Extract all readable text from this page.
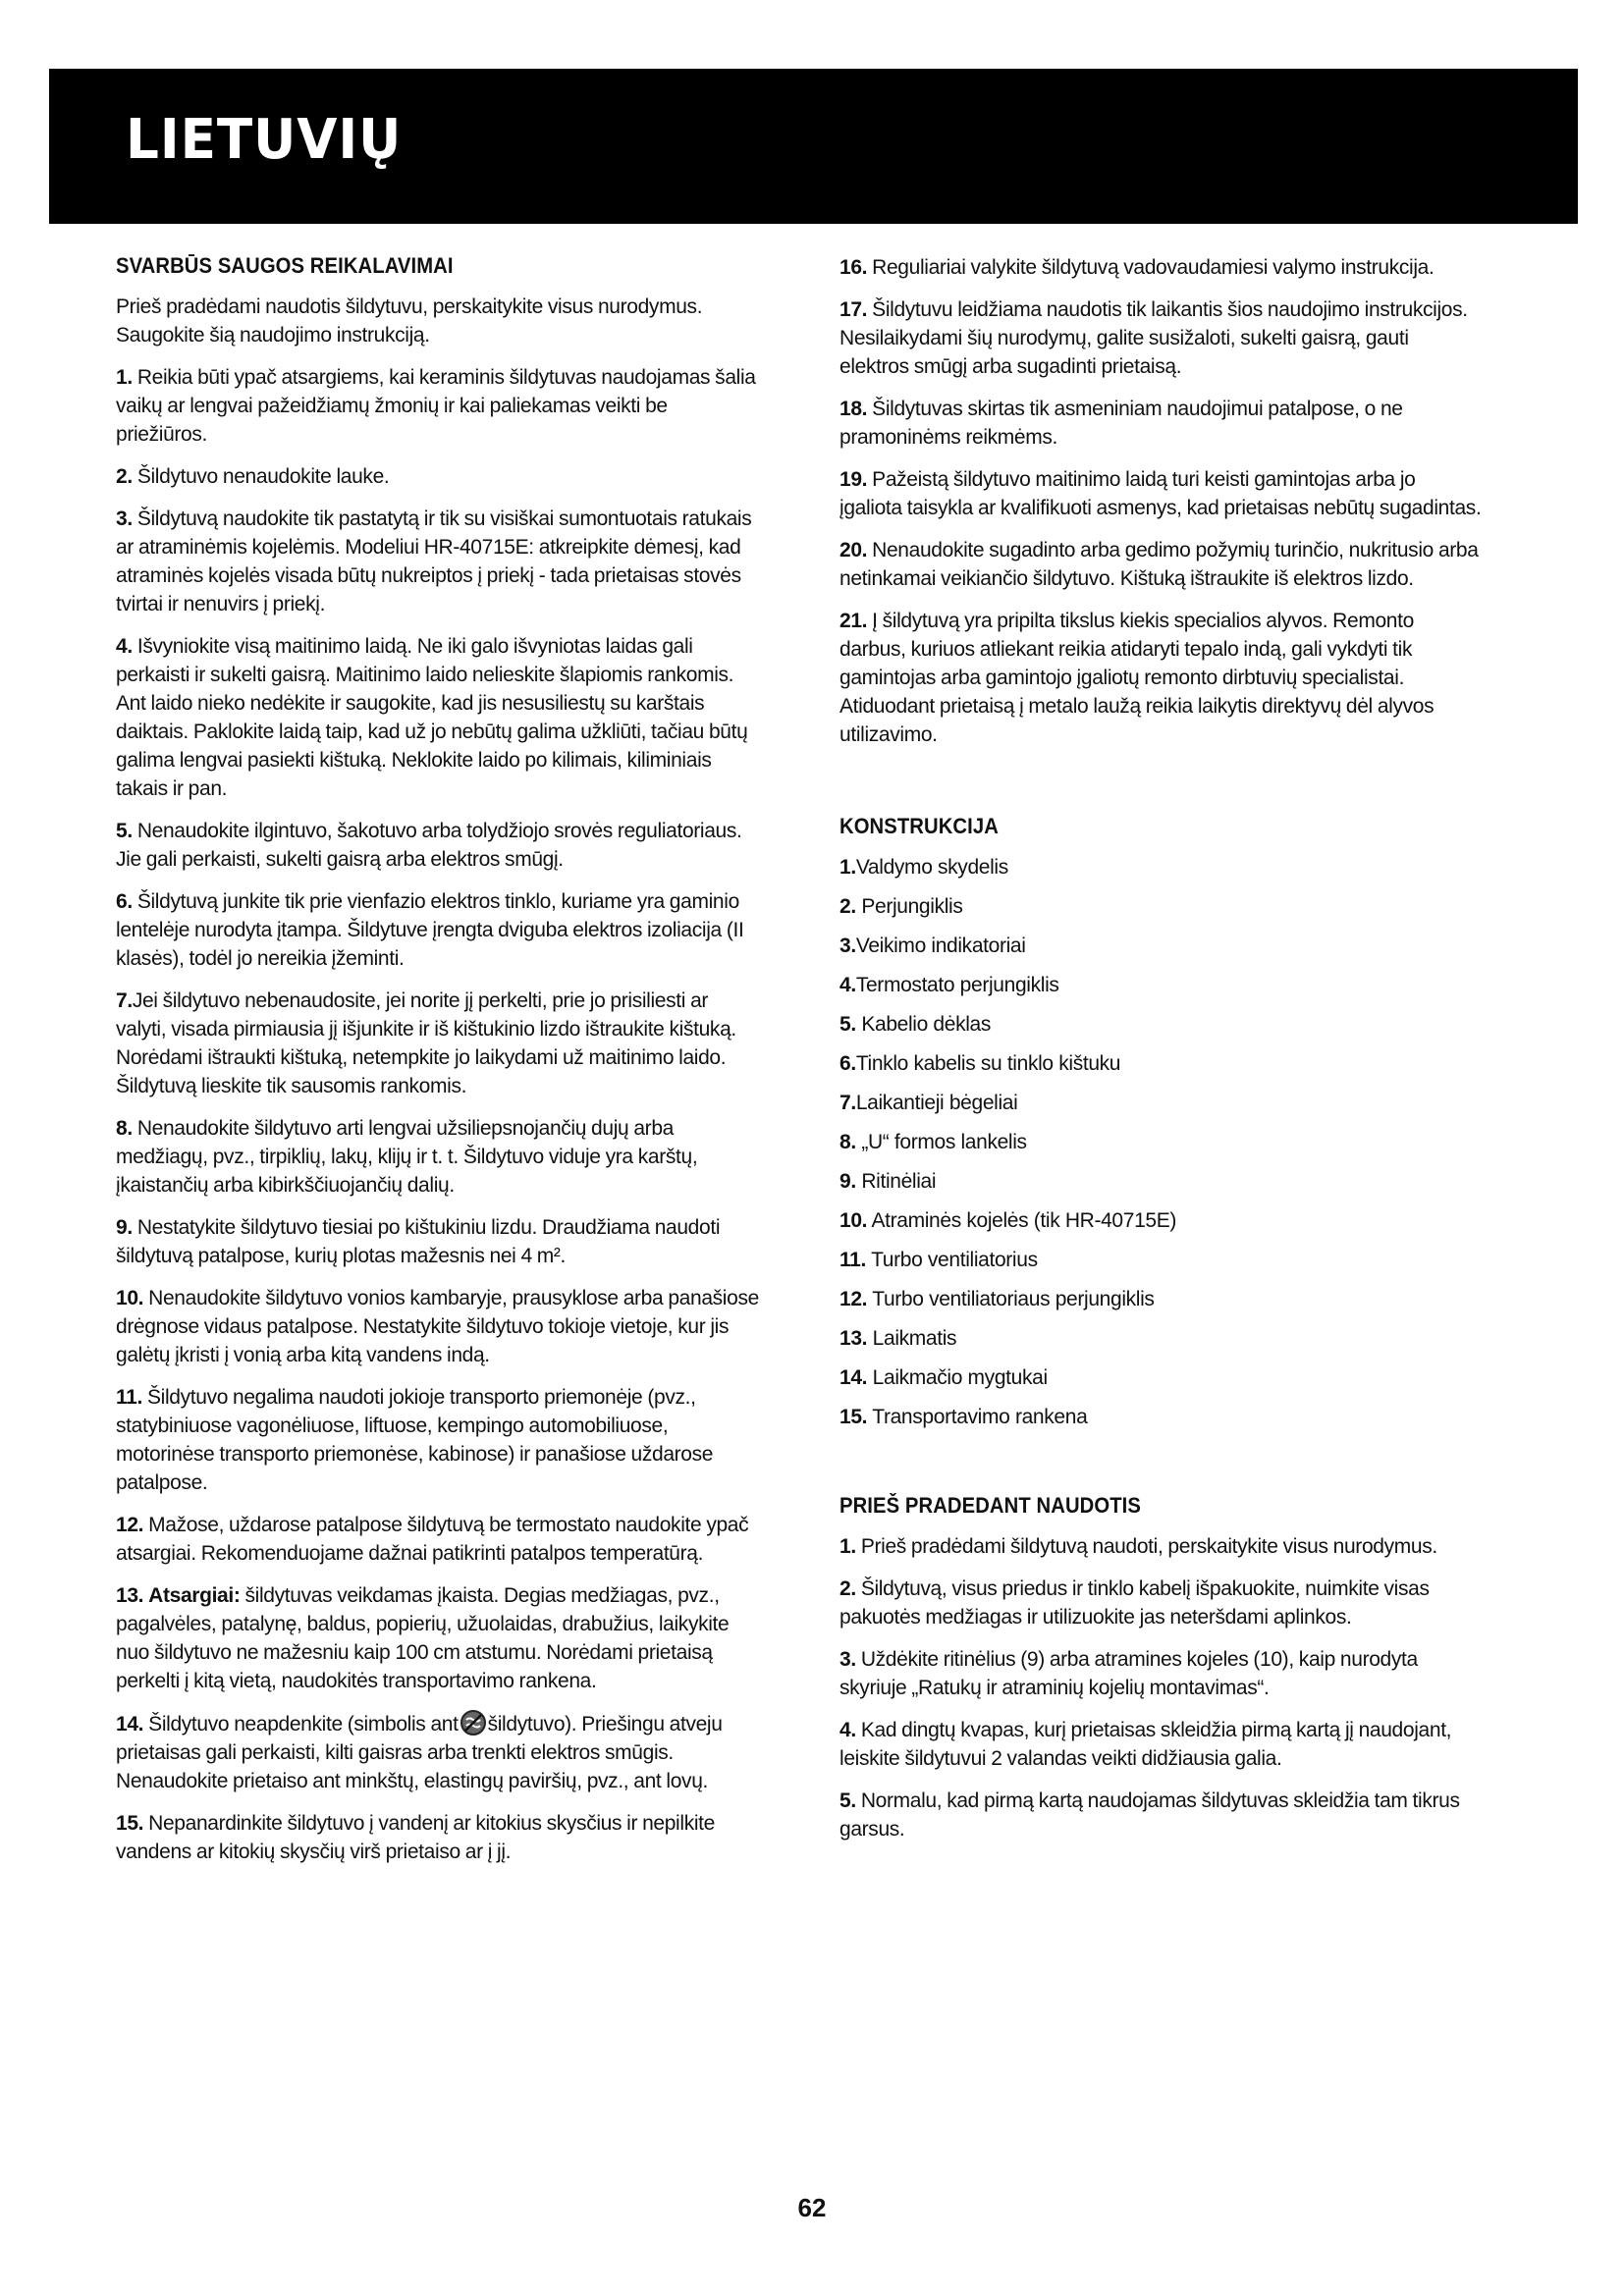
LIETUVIŲ
SVARBŪS SAUGOS REIKALAVIMAI

Prieš pradėdami naudotis šildytuvu, perskaitykite visus nurodymus. Saugokite šią naudojimo instrukciją.

1. Reikia būti ypač atsargiems, kai keraminis šildytuvas naudojamas šalia vaikų ar lengvai pažeidžiamų žmonių ir kai paliekamas veikti be priežiūros.

2. Šildytuvo nenaudokite lauke.

3. Šildytuvą naudokite tik pastatytą ir tik su visiškai sumontuotais ratukais ar atraminėmis kojelėmis. Modeliui HR-40715E: atkreipkite dėmesį, kad atraminės kojelės visada būtų nukreiptos į priekį - tada prietaisas stovės tvirtai ir nenuvirs į priekį.

4. Išvyniokite visą maitinimo laidą. Ne iki galo išvyniotas laidas gali perkaisti ir sukelti gaisrą. Maitinimo laido nelieskite šlapiomis rankomis. Ant laido nieko nedėkite ir saugokite, kad jis nesusiliestų su karštais daiktais. Paklokite laidą taip, kad už jo nebūtų galima užkliūti, tačiau būtų galima lengvai pasiekti kištuką. Neklokite laido po kilimais, kiliminiais takais ir pan.

5. Nenaudokite ilgintuvo, šakotuvo arba tolydžiojo srovės reguliatoriaus. Jie gali perkaisti, sukelti gaisrą arba elektros smūgį.

6. Šildytuvą junkite tik prie vienfazio elektros tinklo, kuriame yra gaminio lentelėje nurodyta įtampa. Šildytuve įrengta dviguba elektros izoliacija (II klasės), todėl jo nereikia įžeminti.

7.Jei šildytuvo nebenaudosite, jei norite jį perkelti, prie jo prisiliesti ar valyti, visada pirmiausia jį išjunkite ir iš kištukinio lizdo ištraukite kištuką. Norėdami ištraukti kištuką, netempkite jo laikydami už maitinimo laido. Šildytuvą lieskite tik sausomis rankomis.

8. Nenaudokite šildytuvo arti lengvai užsiliepsnojančių dujų arba medžiagų, pvz., tirpiklių, lakų, klijų ir t. t. Šildytuvo viduje yra karštų, įkaistančių arba kibirkščiuojančių dalių.

9. Nestatykite šildytuvo tiesiai po kištukiniu lizdu. Draudžiama naudoti šildytuvą patalpose, kurių plotas mažesnis nei 4 m².

10. Nenaudokite šildytuvo vonios kambaryje, prausyklose arba panašiose drėgnose vidaus patalpose. Nestatykite šildytuvo tokioje vietoje, kur jis galėtų įkristi į vonią arba kitą vandens indą.

11. Šildytuvo negalima naudoti jokioje transporto priemonėje (pvz., statybiniuose vagonėliuose, liftuose, kempingo automobiliuose, motorinėse transporto priemonėse, kabinose) ir panašiose uždarose patalpose.

12. Mažose, uždarose patalpose šildytuvą be termostato naudokite ypač atsargiai. Rekomenduojame dažnai patikrinti patalpos temperatūrą.

13. Atsargiai: šildytuvas veikdamas įkaista. Degias medžiagas, pvz., pagalvėles, patalynę, baldus, popierių, užuolaidas, drabužius, laikykite nuo šildytuvo ne mažesniu kaip 100 cm atstumu. Norėdami prietaisą perkelti į kitą vietą, naudokitės transportavimo rankena.

14. Šildytuvo neapdenkite (simbolis ant šildytuvo). Priešingu atveju prietaisas gali perkaisti, kilti gaisras arba trenkti elektros smūgis. Nenaudokite prietaiso ant minkštų, elastingų paviršių, pvz., ant lovų.

15. Nepanardinkite šildytuvo į vandenį ar kitokius skysčius ir nepilkite vandens ar kitokių skysčių virš prietaiso ar į jį.

16. Reguliariai valykite šildytuvą vadovaudamiesi valymo instrukcija.

17. Šildytuvu leidžiama naudotis tik laikantis šios naudojimo instrukcijos. Nesilaikydami šių nurodymų, galite susižaloti, sukelti gaisrą, gauti elektros smūgį arba sugadinti prietaisą.

18. Šildytuvas skirtas tik asmeniniam naudojimui patalpose, o ne pramoninėms reikmėms.

19. Pažeistą šildytuvo maitinimo laidą turi keisti gamintojas arba jo įgaliota taisykla ar kvalifikuoti asmenys, kad prietaisas nebūtų sugadintas.

20. Nenaudokite sugadinto arba gedimo požymių turinčio, nukritusio arba netinkamai veikiančio šildytuvo. Kištuką ištraukite iš elektros lizdo.

21. Į šildytuvą yra pripilta tikslus kiekis specialios alyvos. Remonto darbus, kuriuos atliekant reikia atidaryti tepalo indą, gali vykdyti tik gamintojas arba gamintojo įgaliotų remonto dirbtuvių specialistai. Atiduodant prietaisą į metalo laužą reikia laikytis direktyvų dėl alyvos utilizavimo.

KONSTRUKCIJA

1.Valdymo skydelis

2. Perjungiklis

3.Veikimo indikatoriai

4.Termostato perjungiklis

5. Kabelio dėklas

6.Tinklo kabelis su tinklo kištuku

7.Laikantieji bėgeliai

8. „U“ formos lankelis

9. Ritinėliai

10. Atraminės kojelės (tik HR-40715E)

11. Turbo ventiliatorius

12. Turbo ventiliatoriaus perjungiklis

13. Laikmatis

14. Laikmačio mygtukai

15. Transportavimo rankena

PRIEŠ PRADEDANT NAUDOTIS

1. Prieš pradėdami šildytuvą naudoti, perskaitykite visus nurodymus.

2. Šildytuvą, visus priedus ir tinklo kabelį išpakuokite, nuimkite visas pakuotės medžiagas ir utilizuokite jas neteršdami aplinkos.

3. Uždėkite ritinėlius (9) arba atramines kojeles (10), kaip nurodyta skyriuje „Ratukų ir atraminių kojelių montavimas“.

4. Kad dingtų kvapas, kurį prietaisas skleidžia pirmą kartą jį naudojant, leiskite šildytuvui 2 valandas veikti didžiausia galia.

5. Normalu, kad pirmą kartą naudojamas šildytuvas skleidžia tam tikrus garsus.

62
